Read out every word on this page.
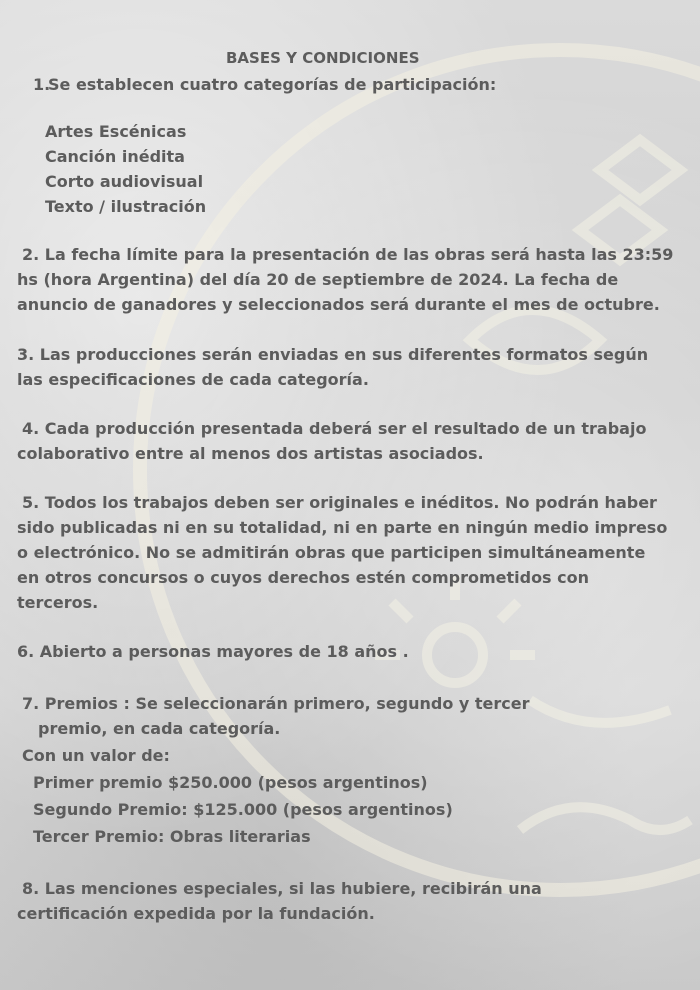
BASES Y CONDICIONES
1.
Se establecen cuatro categorías de participación:
Artes Escénicas
Canción inédita
Corto audiovisual
Texto / ilustración
2. La fecha límite para la presentación de las obras será hasta las 23:59
hs (hora Argentina) del día 20 de septiembre de 2024. La fecha de
anuncio de ganadores y seleccionados será durante el mes de octubre.
3. Las producciones serán enviadas en sus diferentes formatos según
las especificaciones de cada categoría.
4. Cada producción presentada deberá ser el resultado de un trabajo
colaborativo entre al menos dos artistas asociados.
5. Todos los trabajos deben ser originales e inéditos. No podrán haber
sido publicadas ni en su totalidad, ni en parte en ningún medio impreso
o electrónico. No se admitirán obras que participen simultáneamente
en otros concursos o cuyos derechos estén comprometidos con
terceros.
6. Abierto a personas mayores de 18 años .
7. Premios : Se seleccionarán primero, segundo y tercer
premio, en cada categoría.
Con un valor de:
Primer premio $250.000 (pesos argentinos)
Segundo Premio: $125.000 (pesos argentinos)
Tercer Premio: Obras literarias
8. Las menciones especiales, si las hubiere, recibirán una
certificación expedida por la fundación.
